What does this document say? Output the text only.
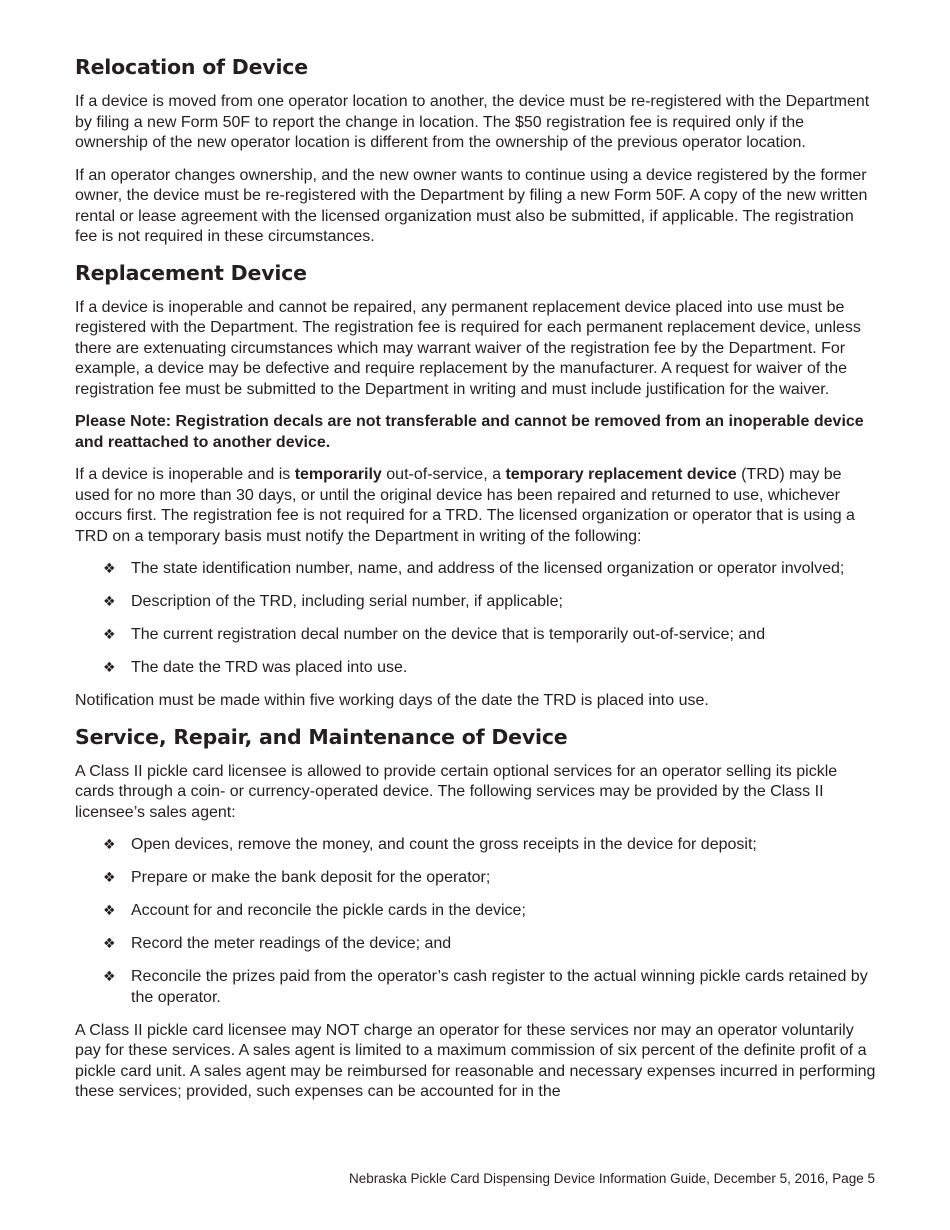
Relocation of Device

If a device is moved from one operator location to another, the device must be re-registered with the Department by filing a new Form 50F to report the change in location. The $50 registration fee is required only if the ownership of the new operator location is different from the ownership of the previous operator location.

If an operator changes ownership, and the new owner wants to continue using a device registered by the former owner, the device must be re-registered with the Department by filing a new Form 50F. A copy of the new written rental or lease agreement with the licensed organization must also be submitted, if applicable. The registration fee is not required in these circumstances.

Replacement Device

If a device is inoperable and cannot be repaired, any permanent replacement device placed into use must be registered with the Department. The registration fee is required for each permanent replacement device, unless there are extenuating circumstances which may warrant waiver of the registration fee by the Department. For example, a device may be defective and require replacement by the manufacturer. A request for waiver of the registration fee must be submitted to the Department in writing and must include justification for the waiver.

Please Note: Registration decals are not transferable and cannot be removed from an inoperable device and reattached to another device.

If a device is inoperable and is temporarily out-of-service, a temporary replacement device (TRD) may be used for no more than 30 days, or until the original device has been repaired and returned to use, whichever occurs first. The registration fee is not required for a TRD. The licensed organization or operator that is using a TRD on a temporary basis must notify the Department in writing of the following:

❖ The state identification number, name, and address of the licensed organization or operator involved;
❖ Description of the TRD, including serial number, if applicable;
❖ The current registration decal number on the device that is temporarily out-of-service; and
❖ The date the TRD was placed into use.

Notification must be made within five working days of the date the TRD is placed into use.

Service, Repair, and Maintenance of Device

A Class II pickle card licensee is allowed to provide certain optional services for an operator selling its pickle cards through a coin- or currency-operated device. The following services may be provided by the Class II licensee’s sales agent:

❖ Open devices, remove the money, and count the gross receipts in the device for deposit;
❖ Prepare or make the bank deposit for the operator;
❖ Account for and reconcile the pickle cards in the device;
❖ Record the meter readings of the device; and
❖ Reconcile the prizes paid from the operator’s cash register to the actual winning pickle cards retained by the operator.

A Class II pickle card licensee may NOT charge an operator for these services nor may an operator voluntarily pay for these services. A sales agent is limited to a maximum commission of six percent of the definite profit of a pickle card unit. A sales agent may be reimbursed for reasonable and necessary expenses incurred in performing these services; provided, such expenses can be accounted for in the

Nebraska Pickle Card Dispensing Device Information Guide, December 5, 2016, Page 5
